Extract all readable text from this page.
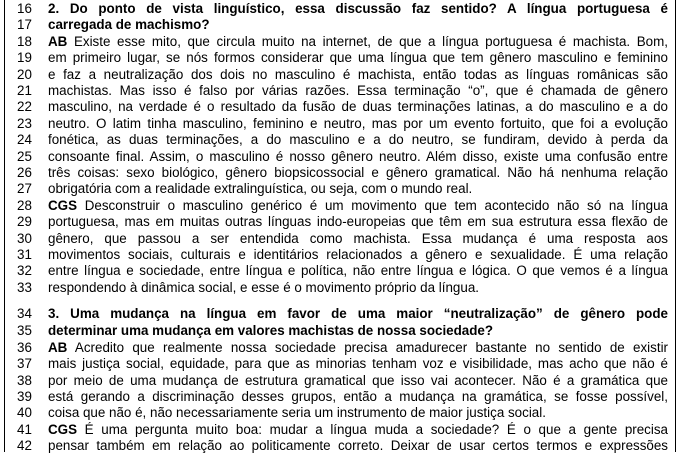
16	2. Do ponto de vista linguístico, essa discussão faz sentido? A língua portuguesa é
17	carregada de machismo?
18	AB Existe esse mito, que circula muito na internet, de que a língua portuguesa é machista. Bom,
19	em primeiro lugar, se nós formos considerar que uma língua que tem gênero masculino e feminino
20	e faz a neutralização dos dois no masculino é machista, então todas as línguas românicas são
21	machistas. Mas isso é falso por várias razões. Essa terminação “o”, que é chamada de gênero
22	masculino, na verdade é o resultado da fusão de duas terminações latinas, a do masculino e a do
23	neutro. O latim tinha masculino, feminino e neutro, mas por um evento fortuito, que foi a evolução
24	fonética, as duas terminações, a do masculino e a do neutro, se fundiram, devido à perda da
25	consoante final. Assim, o masculino é nosso gênero neutro. Além disso, existe uma confusão entre
26	três coisas: sexo biológico, gênero biopsicossocial e gênero gramatical. Não há nenhuma relação
27	obrigatória com a realidade extralinguística, ou seja, com o mundo real.
28	CGS Desconstruir o masculino genérico é um movimento que tem acontecido não só na língua
29	portuguesa, mas em muitas outras línguas indo-europeias que têm em sua estrutura essa flexão de
30	gênero, que passou a ser entendida como machista. Essa mudança é uma resposta aos
31	movimentos sociais, culturais e identitários relacionados a gênero e sexualidade. É uma relação
32	entre língua e sociedade, entre língua e política, não entre língua e lógica. O que vemos é a língua
33	respondendo à dinâmica social, e esse é o movimento próprio da língua.
34	3. Uma mudança na língua em favor de uma maior “neutralização” de gênero pode
35	determinar uma mudança em valores machistas de nossa sociedade?
36	AB Acredito que realmente nossa sociedade precisa amadurecer bastante no sentido de existir
37	mais justiça social, equidade, para que as minorias tenham voz e visibilidade, mas acho que não é
38	por meio de uma mudança de estrutura gramatical que isso vai acontecer. Não é a gramática que
39	está gerando a discriminação desses grupos, então a mudança na gramática, se fosse possível,
40	coisa que não é, não necessariamente seria um instrumento de maior justiça social.
41	CGS É uma pergunta muito boa: mudar a língua muda a sociedade? É o que a gente precisa
42	pensar também em relação ao politicamente correto. Deixar de usar certos termos e expressões
